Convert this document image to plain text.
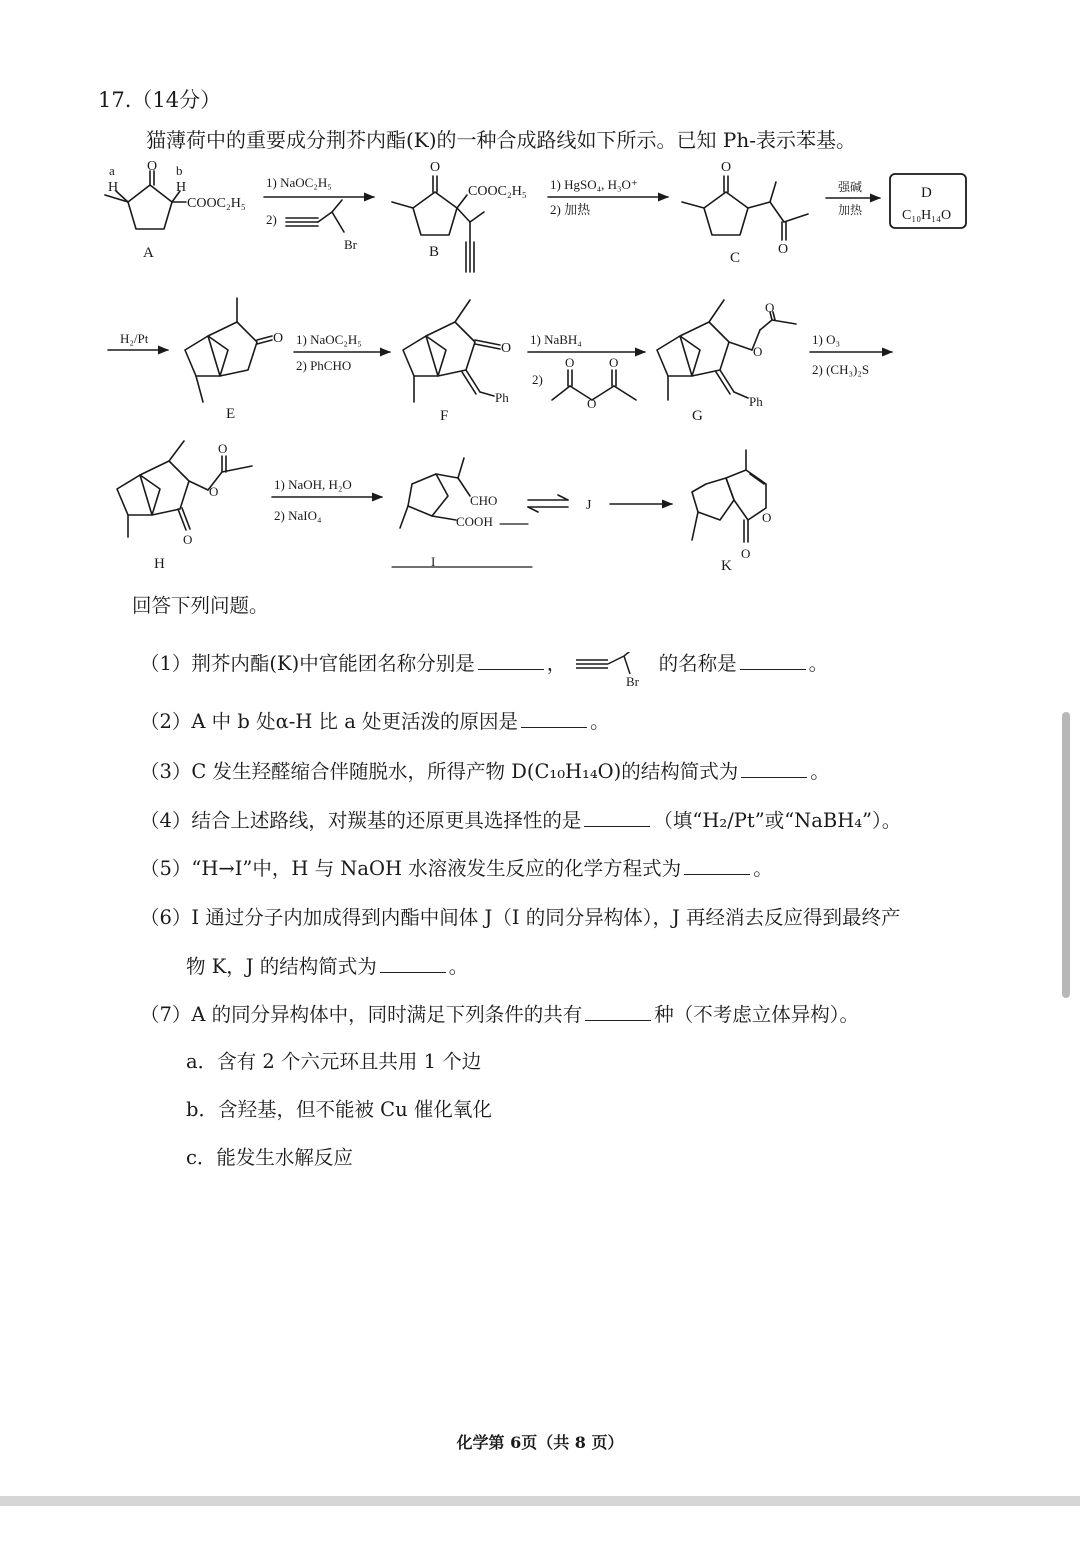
17.（14分）
猫薄荷中的重要成分荆芥内酯(K)的一种合成路线如下所示。已知 Ph-表示苯基。
a
H
O b
H
COOC₂H₅
A
1) NaOC₂H₅
2)
Br
O
COOC₂H₅
B
1) HgSO₄, H₃O⁺
2) 加热
O
O
C
强碱
加热
D
C₁₀H₁₄O
H₂/Pt	O
E
1) NaOC₂H₅
2) PhCHO
O
Ph
F
1) NaBH₄
2)
O	O
O
O
O
Ph
G
1) O₃
2) (CH₃)₂S
O
O
O
H
1) NaOH, H₂O
2) NaIO₄
CHO
COOH
I
J
O
O
K
回答下列问题。
（1）荆芥内酯(K)中官能团名称分别是	，
Br
的名称是	。
（2）A 中 b 处α-H 比 a 处更活泼的原因是	。
（3）C 发生羟醛缩合伴随脱水，所得产物 D(C₁₀H₁₄O)的结构简式为	。
（4）结合上述路线，对羰基的还原更具选择性的是	（填“H₂/Pt”或“NaBH₄”）。
（5）“H→I”中，H 与 NaOH 水溶液发生反应的化学方程式为	。
（6）I 通过分子内加成得到内酯中间体 J（I 的同分异构体），J 再经消去反应得到最终产
物 K，J 的结构简式为	。
（7）A 的同分异构体中，同时满足下列条件的共有	种（不考虑立体异构）。
a．含有 2 个六元环且共用 1 个边
b．含羟基，但不能被 Cu 催化氧化
c．能发生水解反应
化学第 6页（共 8 页）
